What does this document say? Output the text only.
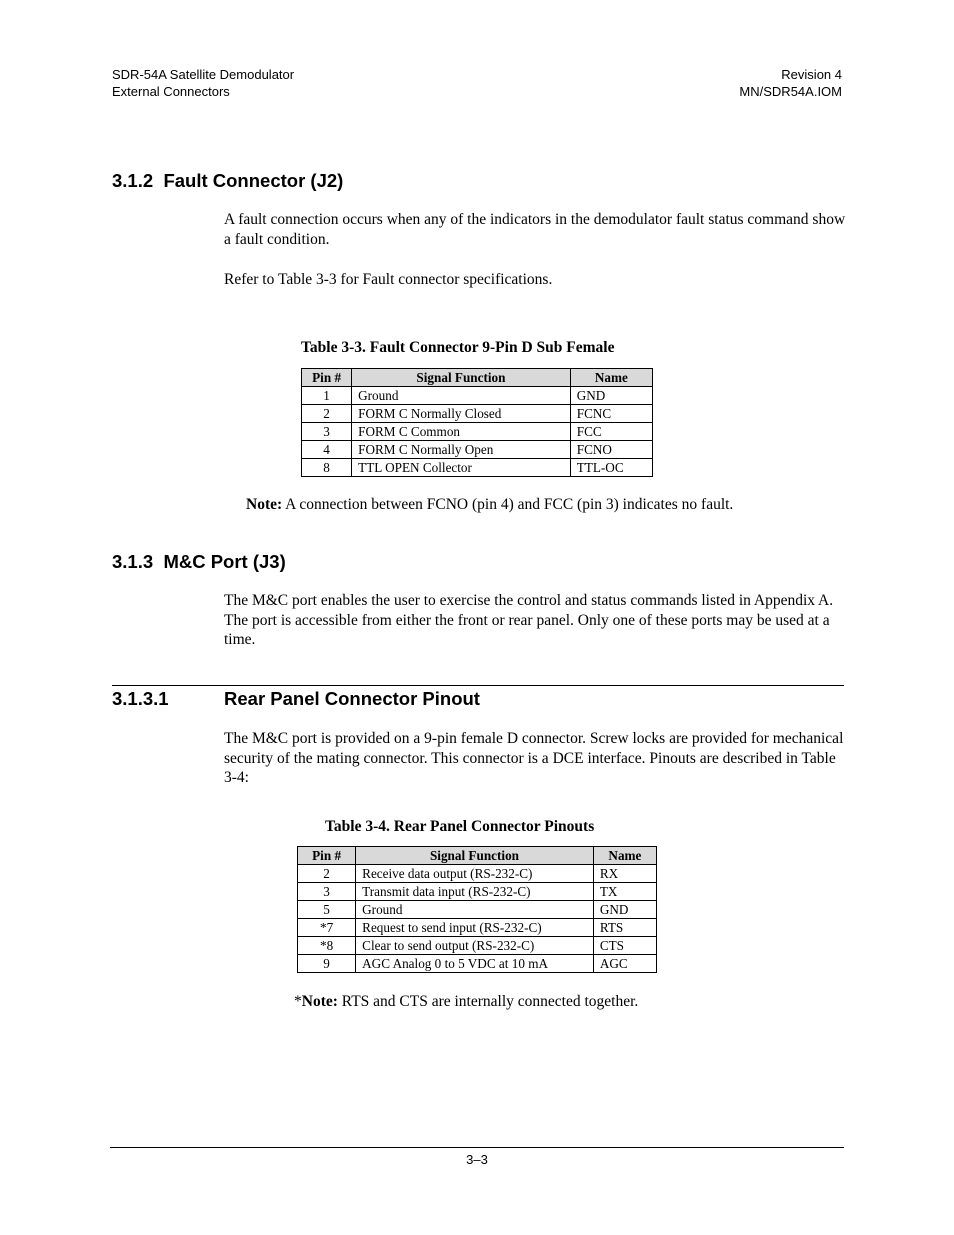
SDR-54A Satellite Demodulator
External Connectors
Revision 4
MN/SDR54A.IOM
3.1.2 Fault Connector (J2)

A fault connection occurs when any of the indicators in the demodulator fault status command show a fault condition.

Refer to Table 3-3 for Fault connector specifications.

Table 3-3. Fault Connector 9-Pin D Sub Female
Pin #	Signal Function	Name
1	Ground	GND
2	FORM C Normally Closed	FCNC
3	FORM C Common	FCC
4	FORM C Normally Open	FCNO
8	TTL OPEN Collector	TTL-OC
Note: A connection between FCNO (pin 4) and FCC (pin 3) indicates no fault.
3.1.3 M&C Port (J3)

The M&C port enables the user to exercise the control and status commands listed in Appendix A. The port is accessible from either the front or rear panel. Only one of these ports may be used at a time.

3.1.3.1	Rear Panel Connector Pinout

The M&C port is provided on a 9-pin female D connector. Screw locks are provided for mechanical security of the mating connector. This connector is a DCE interface. Pinouts are described in Table 3-4:

Table 3-4. Rear Panel Connector Pinouts
Pin #	Signal Function	Name
2	Receive data output (RS-232-C)	RX
3	Transmit data input (RS-232-C)	TX
5	Ground	GND
*7	Request to send input (RS-232-C)	RTS
*8	Clear to send output (RS-232-C)	CTS
9	AGC Analog 0 to 5 VDC at 10 mA	AGC
*Note: RTS and CTS are internally connected together.
3–3
